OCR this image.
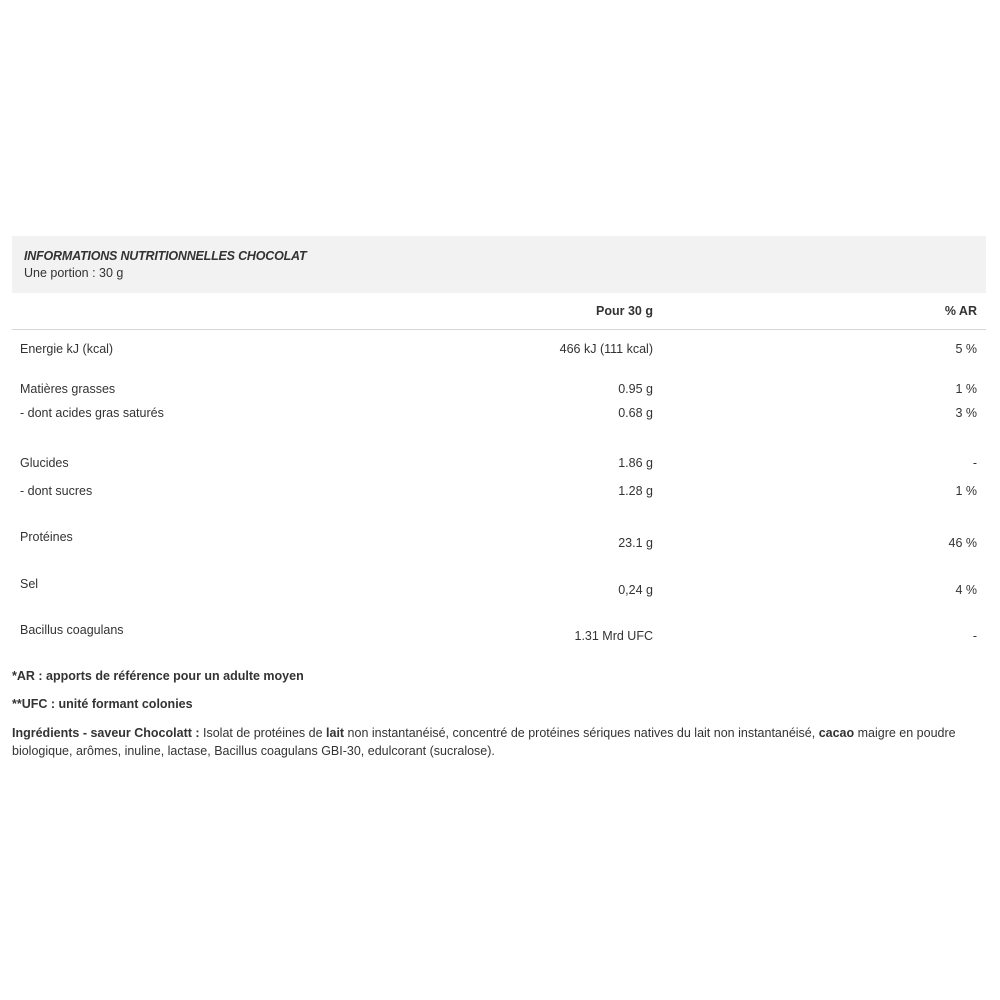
INFORMATIONS NUTRITIONNELLES CHOCOLAT
Une portion : 30 g
	Pour 30 g	% AR
Energie kJ (kcal)	466 kJ (111 kcal)	5 %
Matières grasses	0.95 g	1 %
- dont acides gras saturés	0.68 g	3 %
Glucides	1.86 g	-
- dont sucres	1.28 g	1 %
Protéines	23.1 g	46 %
Sel	0,24 g	4 %
Bacillus coagulans	1.31 Mrd UFC	-
*AR : apports de référence pour un adulte moyen
**UFC : unité formant colonies
Ingrédients - saveur Chocolatt : Isolat de protéines de lait non instantanéisé, concentré de protéines sériques natives du lait non instantanéisé, cacao maigre en poudre biologique, arômes, inuline, lactase, Bacillus coagulans GBI-30, edulcorant (sucralose).
